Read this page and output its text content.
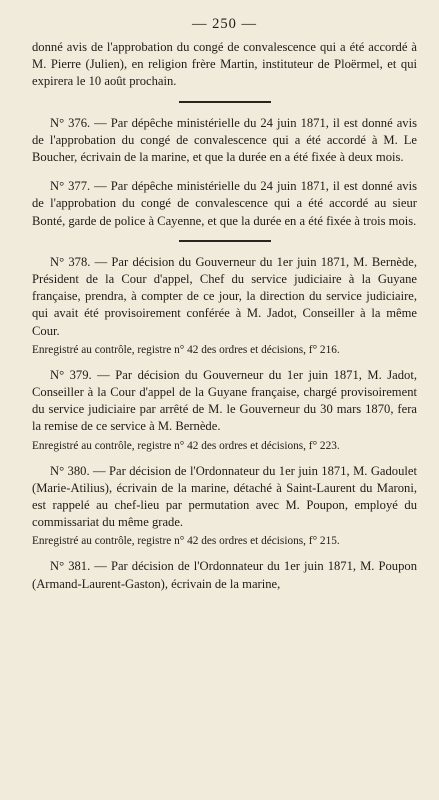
— 250 —

donné avis de l'approbation du congé de convalescence qui a été accordé à M. Pierre (Julien), en religion frère Martin, instituteur de Ploërmel, et qui expirera le 10 août prochain.

N° 376. — Par dépêche ministérielle du 24 juin 1871, il est donné avis de l'approbation du congé de convalescence qui a été accordé à M. Le Boucher, écrivain de la marine, et que la durée en a été fixée à deux mois.

N° 377. — Par dépêche ministérielle du 24 juin 1871, il est donné avis de l'approbation du congé de convalescence qui a été accordé au sieur Bonté, garde de police à Cayenne, et que la durée en a été fixée à trois mois.

N° 378. — Par décision du Gouverneur du 1er juin 1871, M. Bernède, Président de la Cour d'appel, Chef du service judiciaire à la Guyane française, prendra, à compter de ce jour, la direction du service judiciaire, qui avait été provisoirement conférée à M. Jadot, Conseiller à la même Cour.

Enregistré au contrôle, registre n° 42 des ordres et décisions, f° 216.

N° 379. — Par décision du Gouverneur du 1er juin 1871, M. Jadot, Conseiller à la Cour d'appel de la Guyane française, chargé provisoirement du service judiciaire par arrêté de M. le Gouverneur du 30 mars 1870, fera la remise de ce service à M. Bernède.

Enregistré au contrôle, registre n° 42 des ordres et décisions, f° 223.

N° 380. — Par décision de l'Ordonnateur du 1er juin 1871, M. Gadoulet (Marie-Atilius), écrivain de la marine, détaché à Saint-Laurent du Maroni, est rappelé au chef-lieu par permutation avec M. Poupon, employé du commissariat du même grade.

Enregistré au contrôle, registre n° 42 des ordres et décisions, f° 215.

N° 381. — Par décision de l'Ordonnateur du 1er juin 1871, M. Poupon (Armand-Laurent-Gaston), écrivain de la marine,
